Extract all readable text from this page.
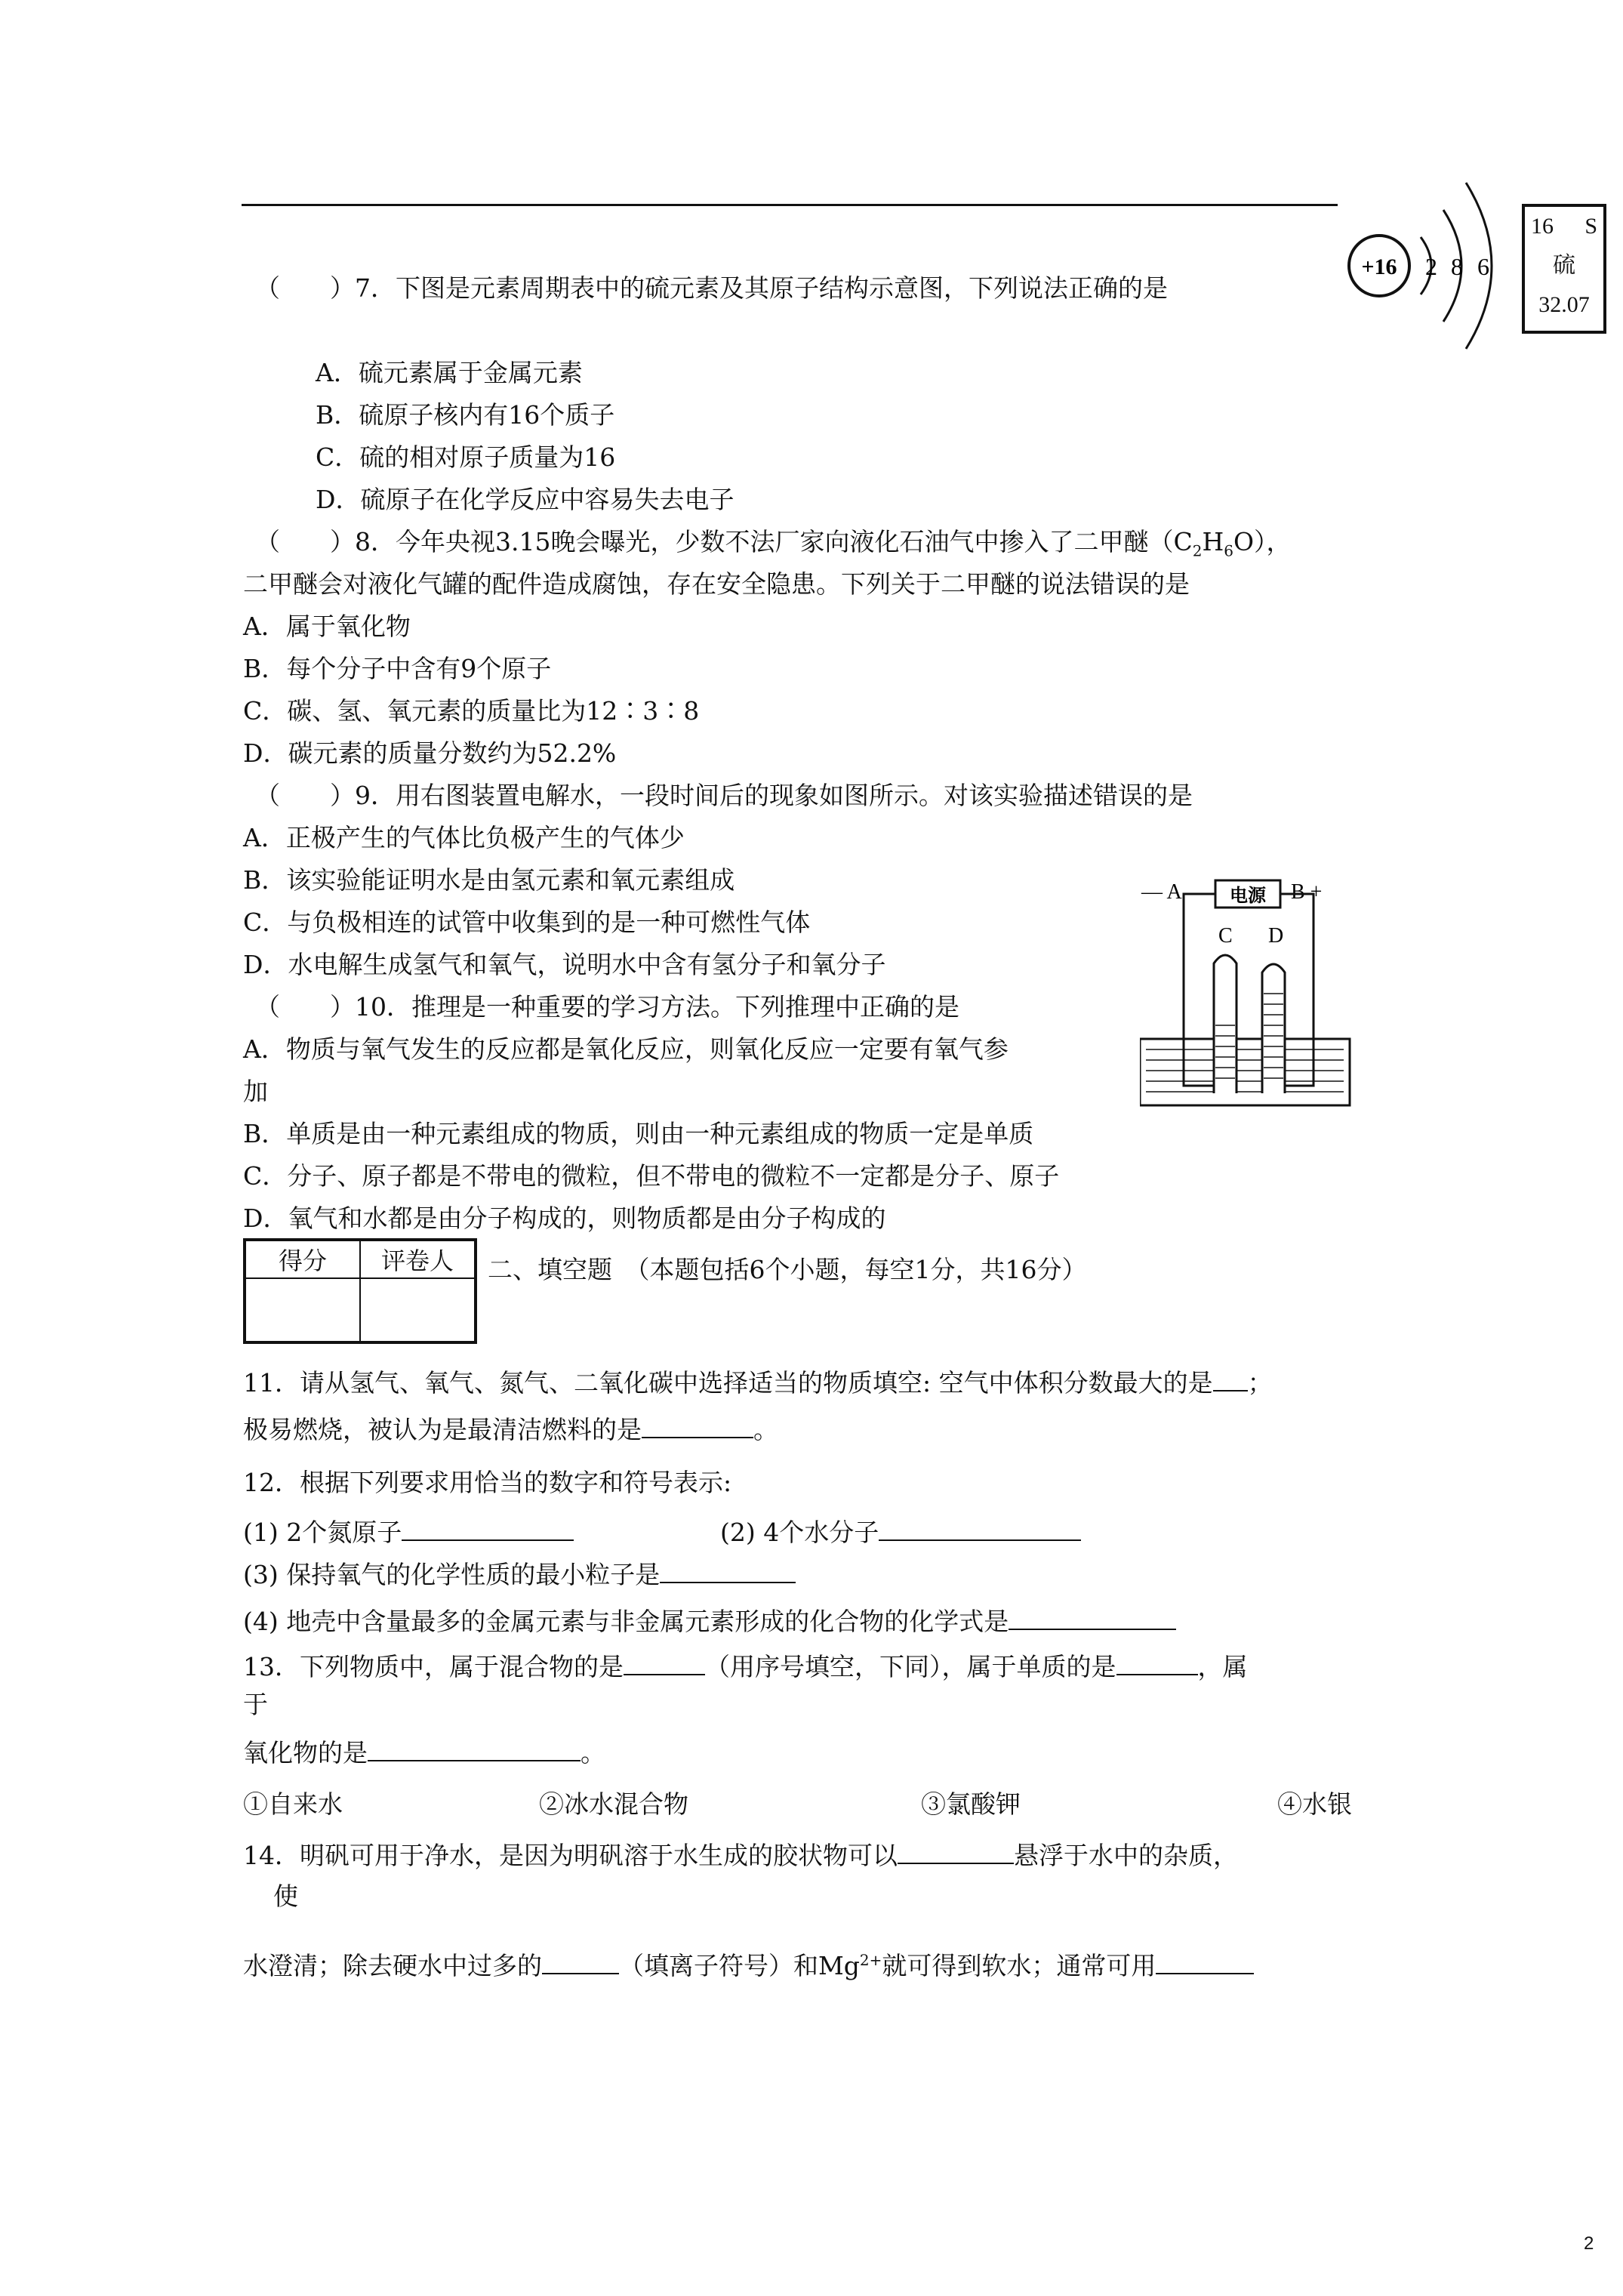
（　　）7．下图是元素周期表中的硫元素及其原子结构示意图，下列说法正确的是
A．硫元素属于金属元素
B．硫原子核内有16个质子
C．硫的相对原子质量为16
D．硫原子在化学反应中容易失去电子
+16 2 8 6
16 S
硫
32.07
（　　）8．今年央视3.15晚会曝光，少数不法厂家向液化石油气中掺入了二甲醚$(C_2H_6O)$，
二甲醚会对液化气罐的配件造成腐蚀，存在安全隐患。下列关于二甲醚的说法错误的是
A．属于氧化物
B．每个分子中含有9个原子
C．碳、氢、氧元素的质量比为12∶3∶8
D．碳元素的质量分数约为52.2%
（　　）9．用右图装置电解水，一段时间后的现象如图所示。对该实验描述错误的是
A．正极产生的气体比负极产生的气体少
B．该实验能证明水是由氢元素和氧元素组成
C．与负极相连的试管中收集到的是一种可燃性气体
D．水电解生成氢气和氧气，说明水中含有氢分子和氧分子
— A	电源 B +
C D
（　　）10．推理是一种重要的学习方法。下列推理中正确的是
A．物质与氧气发生的反应都是氧化反应，则氧化反应一定要有氧气参
加
B．单质是由一种元素组成的物质，则由一种元素组成的物质一定是单质
C．分子、原子都是不带电的微粒，但不带电的微粒不一定都是分子、原子
D．氧气和水都是由分子构成的，则物质都是由分子构成的
得分	评卷人
	二、填空题　（本题包括6个小题，每空1分，共16分）
11．请从氢气、氧气、氮气、二氧化碳中选择适当的物质填空: 空气中体积分数最大的是 ；
极易燃烧，被认为是最清洁燃料的是	。
12．根据下列要求用恰当的数字和符号表示:
(1) 2个氮原子	(2) 4个水分子
(3) 保持氧气的化学性质的最小粒子是
(4) 地壳中含量最多的金属元素与非金属元素形成的化合物的化学式是
13．下列物质中，属于混合物的是	（用序号填空，下同），属于单质的是	，属
于
氧化物的是	。
①自来水	②冰水混合物	③氯酸钾	④水银
14．明矾可用于净水，是因为明矾溶于水生成的胶状物可以	悬浮于水中的杂质，
使
水澄清；除去硬水中过多的	（填离子符号）和$Mg^{2+}$就可得到软水；通常可用
2
